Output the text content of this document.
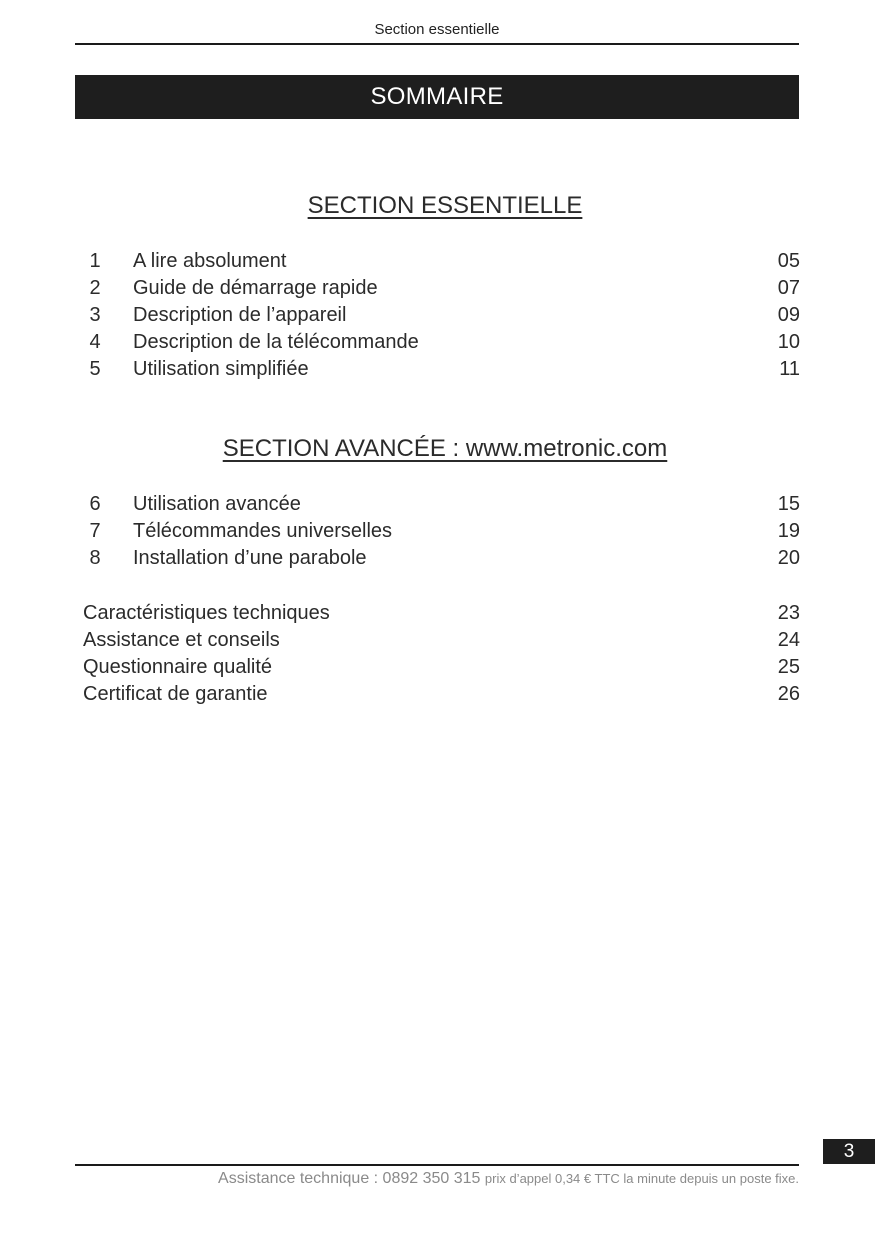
Section essentielle
SOMMAIRE
SECTION ESSENTIELLE
1	A lire absolument	05
2	Guide de démarrage rapide	07
3	Description de l’appareil	09
4	Description de la télécommande	10
5	Utilisation simplifiée	11
SECTION AVANCÉE : www.metronic.com
6	Utilisation avancée	15
7	Télécommandes universelles	19
8	Installation d’une parabole	20
Caractéristiques techniques	23
Assistance et conseils	24
Questionnaire qualité	25
Certificat de garantie	26
3
Assistance technique : 0892 350 315 prix d’appel 0,34 € TTC la minute depuis un poste fixe.
